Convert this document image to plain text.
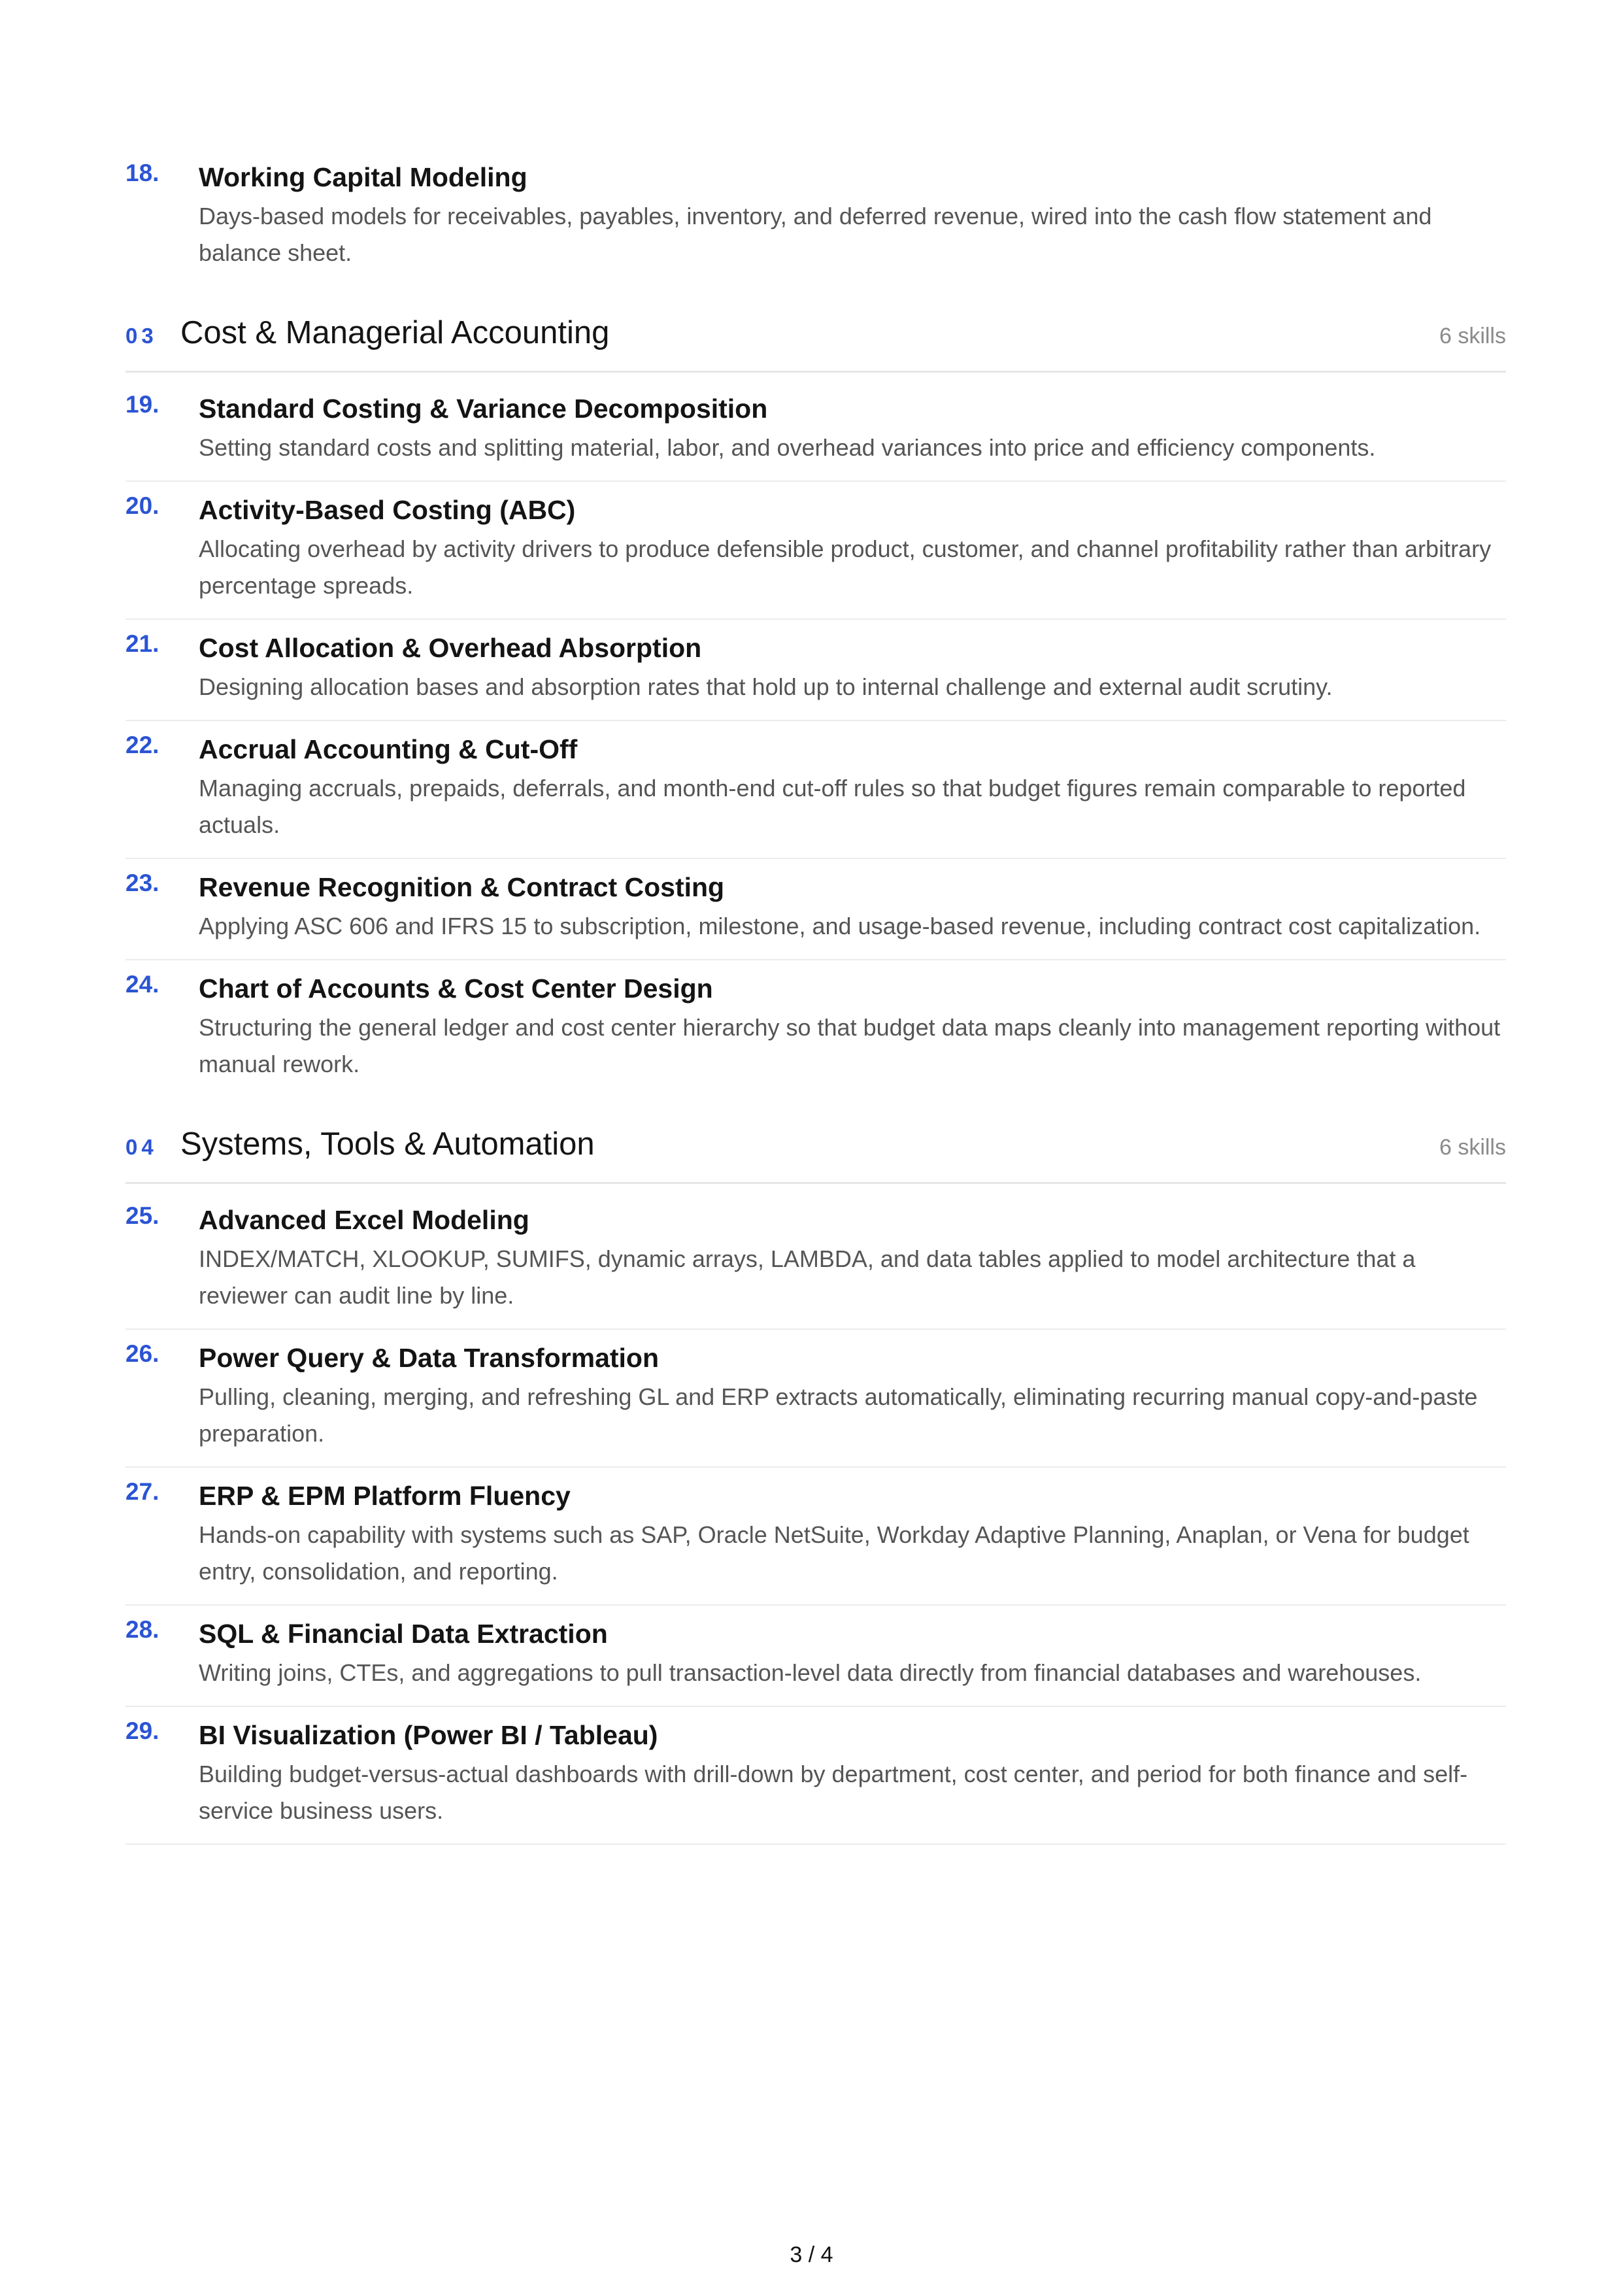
18.	Working Capital Modeling
Days-based models for receivables, payables, inventory, and deferred revenue, wired into the cash flow statement and balance sheet.
03 Cost & Managerial Accounting	6 skills
19.	Standard Costing & Variance Decomposition
Setting standard costs and splitting material, labor, and overhead variances into price and efficiency components.
20.	Activity-Based Costing (ABC)
Allocating overhead by activity drivers to produce defensible product, customer, and channel profitability rather than arbitrary percentage spreads.
21.	Cost Allocation & Overhead Absorption
Designing allocation bases and absorption rates that hold up to internal challenge and external audit scrutiny.
22.	Accrual Accounting & Cut-Off
Managing accruals, prepaids, deferrals, and month-end cut-off rules so that budget figures remain comparable to reported actuals.
23.	Revenue Recognition & Contract Costing
Applying ASC 606 and IFRS 15 to subscription, milestone, and usage-based revenue, including contract cost capitalization.
24.	Chart of Accounts & Cost Center Design
Structuring the general ledger and cost center hierarchy so that budget data maps cleanly into management reporting without manual rework.
04 Systems, Tools & Automation	6 skills
25.	Advanced Excel Modeling
INDEX/MATCH, XLOOKUP, SUMIFS, dynamic arrays, LAMBDA, and data tables applied to model architecture that a reviewer can audit line by line.
26.	Power Query & Data Transformation
Pulling, cleaning, merging, and refreshing GL and ERP extracts automatically, eliminating recurring manual copy-and-paste preparation.
27.	ERP & EPM Platform Fluency
Hands-on capability with systems such as SAP, Oracle NetSuite, Workday Adaptive Planning, Anaplan, or Vena for budget entry, consolidation, and reporting.
28.	SQL & Financial Data Extraction
Writing joins, CTEs, and aggregations to pull transaction-level data directly from financial databases and warehouses.
29.	BI Visualization (Power BI / Tableau)
Building budget-versus-actual dashboards with drill-down by department, cost center, and period for both finance and self-service business users.
3 / 4
